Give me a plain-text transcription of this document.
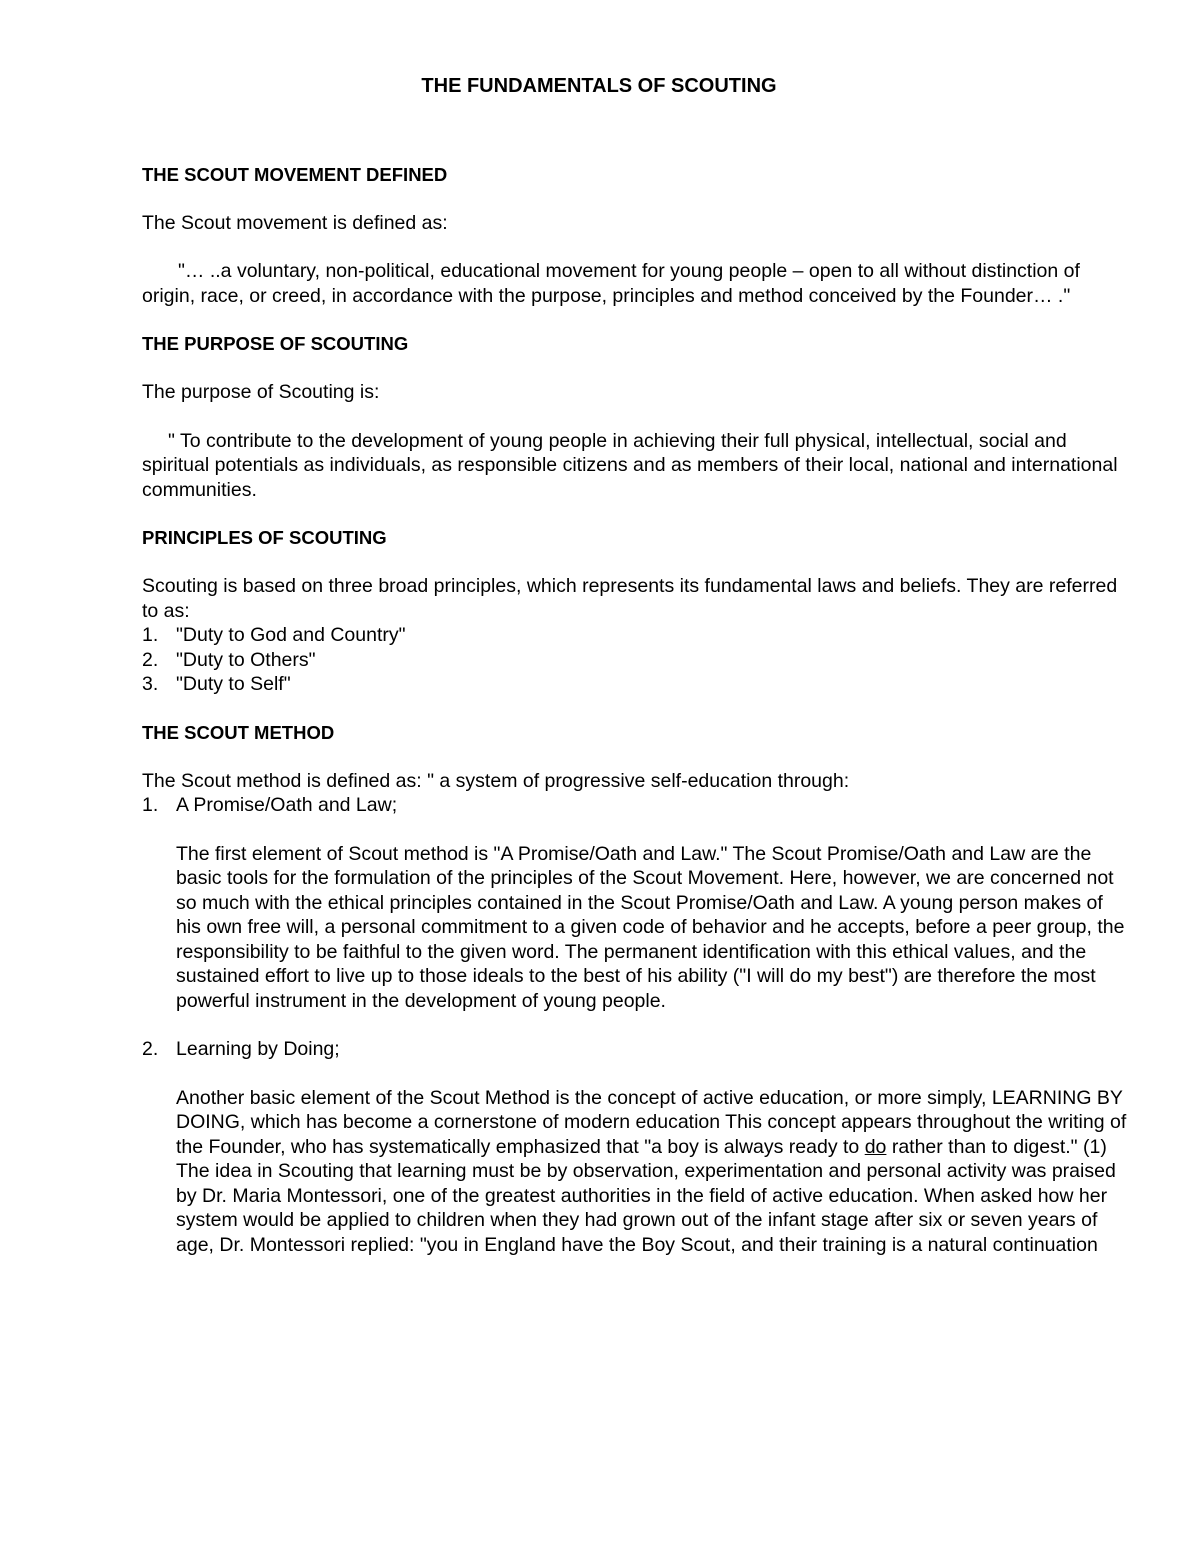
THE FUNDAMENTALS OF SCOUTING
THE SCOUT MOVEMENT DEFINED

The Scout movement is defined as:

"… ..a voluntary, non-political, educational movement for young people – open to all without distinction of origin, race, or creed, in accordance with the purpose, principles and method conceived by the Founder… ."

THE PURPOSE OF SCOUTING

The purpose of Scouting is:

" To contribute to the development of young people in achieving their full physical, intellectual, social and spiritual potentials as individuals, as responsible citizens and as members of their local, national and international communities.

PRINCIPLES OF SCOUTING

Scouting is based on three broad principles, which represents its fundamental laws and beliefs. They are referred to as:

1. "Duty to God and Country"
2. "Duty to Others"
3. "Duty to Self"
THE SCOUT METHOD

The Scout method is defined as: " a system of progressive self-education through:

1. A Promise/Oath and Law;

The first element of Scout method is "A Promise/Oath and Law." The Scout Promise/Oath and Law are the basic tools for the formulation of the principles of the Scout Movement. Here, however, we are concerned not so much with the ethical principles contained in the Scout Promise/Oath and Law. A young person makes of his own free will, a personal commitment to a given code of behavior and he accepts, before a peer group, the responsibility to be faithful to the given word. The permanent identification with this ethical values, and the sustained effort to live up to those ideals to the best of his ability ("I will do my best") are therefore the most powerful instrument in the development of young people.

2. Learning by Doing;

Another basic element of the Scout Method is the concept of active education, or more simply, LEARNING BY DOING, which has become a cornerstone of modern education This concept appears throughout the writing of the Founder, who has systematically emphasized that "a boy is always ready to do rather than to digest." (1) The idea in Scouting that learning must be by observation, experimentation and personal activity was praised by Dr. Maria Montessori, one of the greatest authorities in the field of active education. When asked how her system would be applied to children when they had grown out of the infant stage after six or seven years of age, Dr. Montessori replied: "you in England have the Boy Scout, and their training is a natural continuation
